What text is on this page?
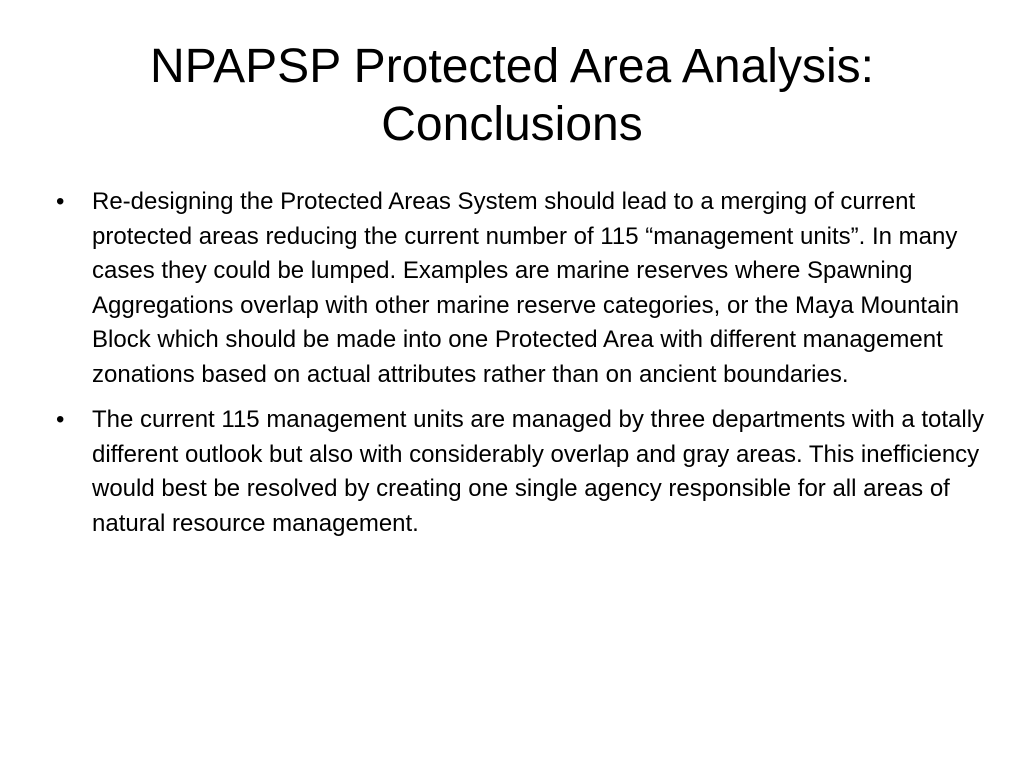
NPAPSP Protected Area Analysis: Conclusions
• Re-designing the Protected Areas System should lead to a merging of current protected areas reducing the current number of 115 “management units”. In many cases they could be lumped. Examples are marine reserves where Spawning Aggregations overlap with other marine reserve categories, or the Maya Mountain Block which should be made into one Protected Area with different management zonations based on actual attributes rather than on ancient boundaries.
• The current 115 management units are managed by three departments with a totally different outlook but also with considerably overlap and gray areas. This inefficiency would best be resolved by creating one single agency responsible for all areas of natural resource management.
